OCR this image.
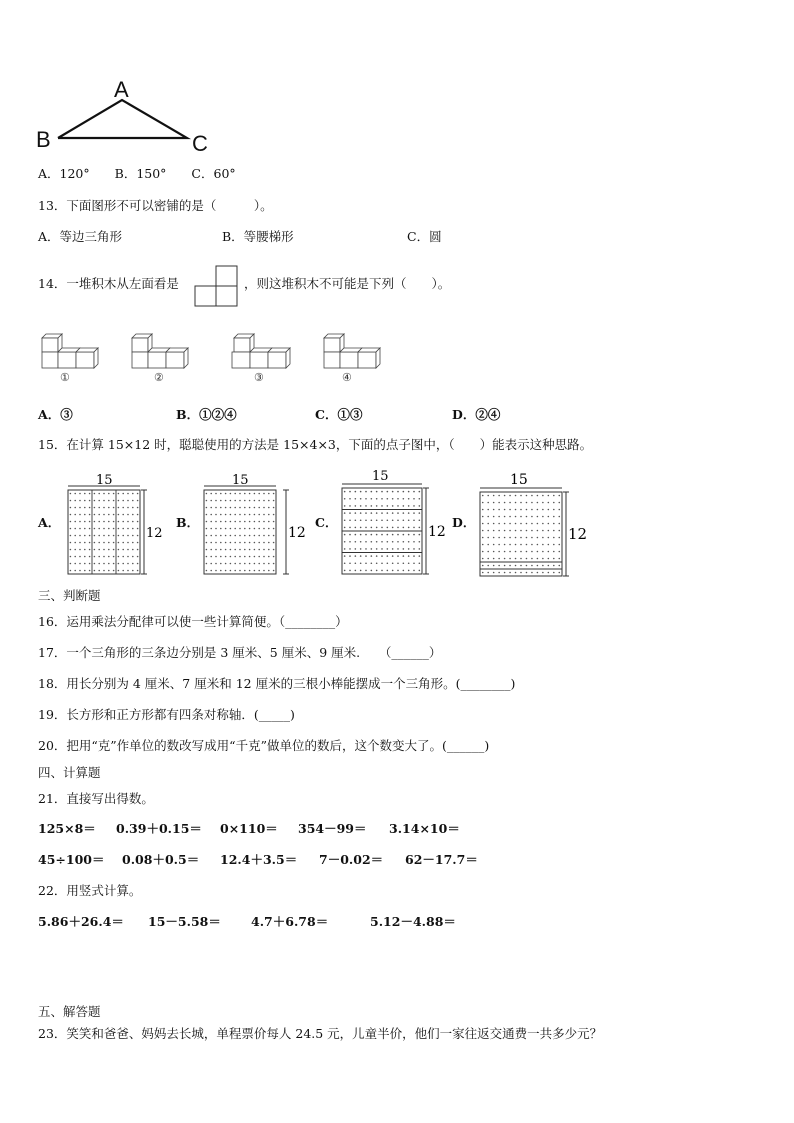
A
B	C
A．120°　　B．150°　　C．60°
13．下面图形不可以密铺的是（　　　）。
A．等边三角形	B．等腰梯形	C．圆
14．一堆积木从左面看是	，则这堆积木不可能是下列（　　）。
①	②	③	④
A．③	B．①②④	C．①③	D．②④
15．在计算 15×12 时，聪聪使用的方法是 15×4×3，下面的点子图中，（　　）能表示这种思路。
A．
15
12
B．
15
12
C．
15
12
D．
15
12
三、判断题
16．运用乘法分配律可以使一些计算简便。（________）
17．一个三角形的三条边分别是 3 厘米、5 厘米、9 厘米.　　（______）
18．用长分别为 4 厘米、7 厘米和 12 厘米的三根小棒能摆成一个三角形。(________)
19．长方形和正方形都有四条对称轴．(_____)
20．把用“克”作单位的数改写成用“千克”做单位的数后，这个数变大了。(______)
四、计算题
21．直接写出得数。
125×8＝ 0.39＋0.15＝ 0×110＝ 354－99＝ 3.14×10＝
45÷100＝ 0.08＋0.5＝ 12.4＋3.5＝ 7－0.02＝ 62－17.7＝
22．用竖式计算。
5.86＋26.4＝ 15－5.58＝ 4.7＋6.78＝	5.12－4.88＝
五、解答题
23．笑笑和爸爸、妈妈去长城，单程票价每人 24.5 元，儿童半价，他们一家往返交通费一共多少元？
